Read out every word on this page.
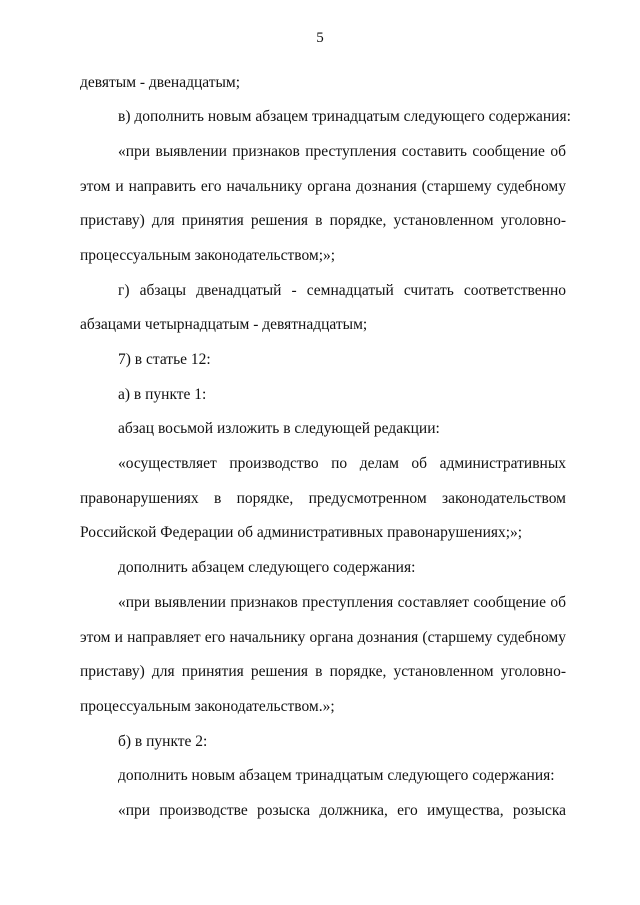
5
девятым - двенадцатым;
в) дополнить новым абзацем тринадцатым следующего содержания:
«при выявлении признаков преступления составить сообщение об
этом и направить его начальнику органа дознания (старшему судебному
приставу) для принятия решения в порядке, установленном уголовно-
процессуальным законодательством;»;
г) абзацы двенадцатый - семнадцатый считать соответственно
абзацами четырнадцатым - девятнадцатым;
7) в статье 12:
а) в пункте 1:
абзац восьмой изложить в следующей редакции:
«осуществляет производство по делам об административных
правонарушениях в порядке, предусмотренном законодательством
Российской Федерации об административных правонарушениях;»;
дополнить абзацем следующего содержания:
«при выявлении признаков преступления составляет сообщение об
этом и направляет его начальнику органа дознания (старшему судебному
приставу) для принятия решения в порядке, установленном уголовно-
процессуальным законодательством.»;
б) в пункте 2:
дополнить новым абзацем тринадцатым следующего содержания:
«при производстве розыска должника, его имущества, розыска
